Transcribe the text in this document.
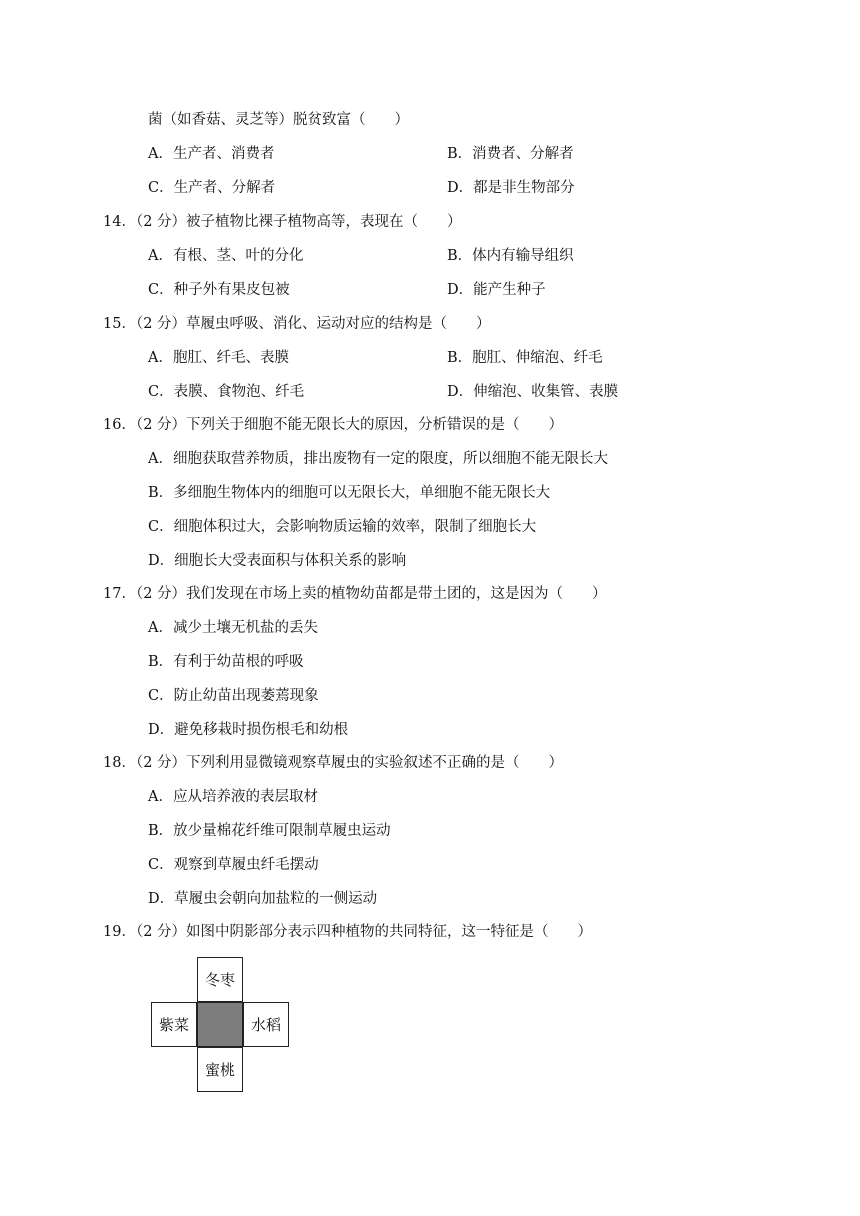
菌（如香菇、灵芝等）脱贫致富（　　）
A．生产者、消费者	B．消费者、分解者
C．生产者、分解者	D．都是非生物部分
14．（2 分）被子植物比裸子植物高等，表现在（　　）
A．有根、茎、叶的分化	B．体内有输导组织
C．种子外有果皮包被	D．能产生种子
15．（2 分）草履虫呼吸、消化、运动对应的结构是（　　）
A．胞肛、纤毛、表膜	B．胞肛、伸缩泡、纤毛
C．表膜、食物泡、纤毛	D．伸缩泡、收集管、表膜
16．（2 分）下列关于细胞不能无限长大的原因，分析错误的是（　　）
A．细胞获取营养物质，排出废物有一定的限度，所以细胞不能无限长大
B．多细胞生物体内的细胞可以无限长大，单细胞不能无限长大
C．细胞体积过大，会影响物质运输的效率，限制了细胞长大
D．细胞长大受表面积与体积关系的影响
17．（2 分）我们发现在市场上卖的植物幼苗都是带土团的，这是因为（　　）
A．减少土壤无机盐的丢失
B．有利于幼苗根的呼吸
C．防止幼苗出现萎蔫现象
D．避免移栽时损伤根毛和幼根
18．（2 分）下列利用显微镜观察草履虫的实验叙述不正确的是（　　）
A．应从培养液的表层取材
B．放少量棉花纤维可限制草履虫运动
C．观察到草履虫纤毛摆动
D．草履虫会朝向加盐粒的一侧运动
19．（2 分）如图中阴影部分表示四种植物的共同特征，这一特征是（　　）
冬枣
紫菜	水稻
蜜桃
